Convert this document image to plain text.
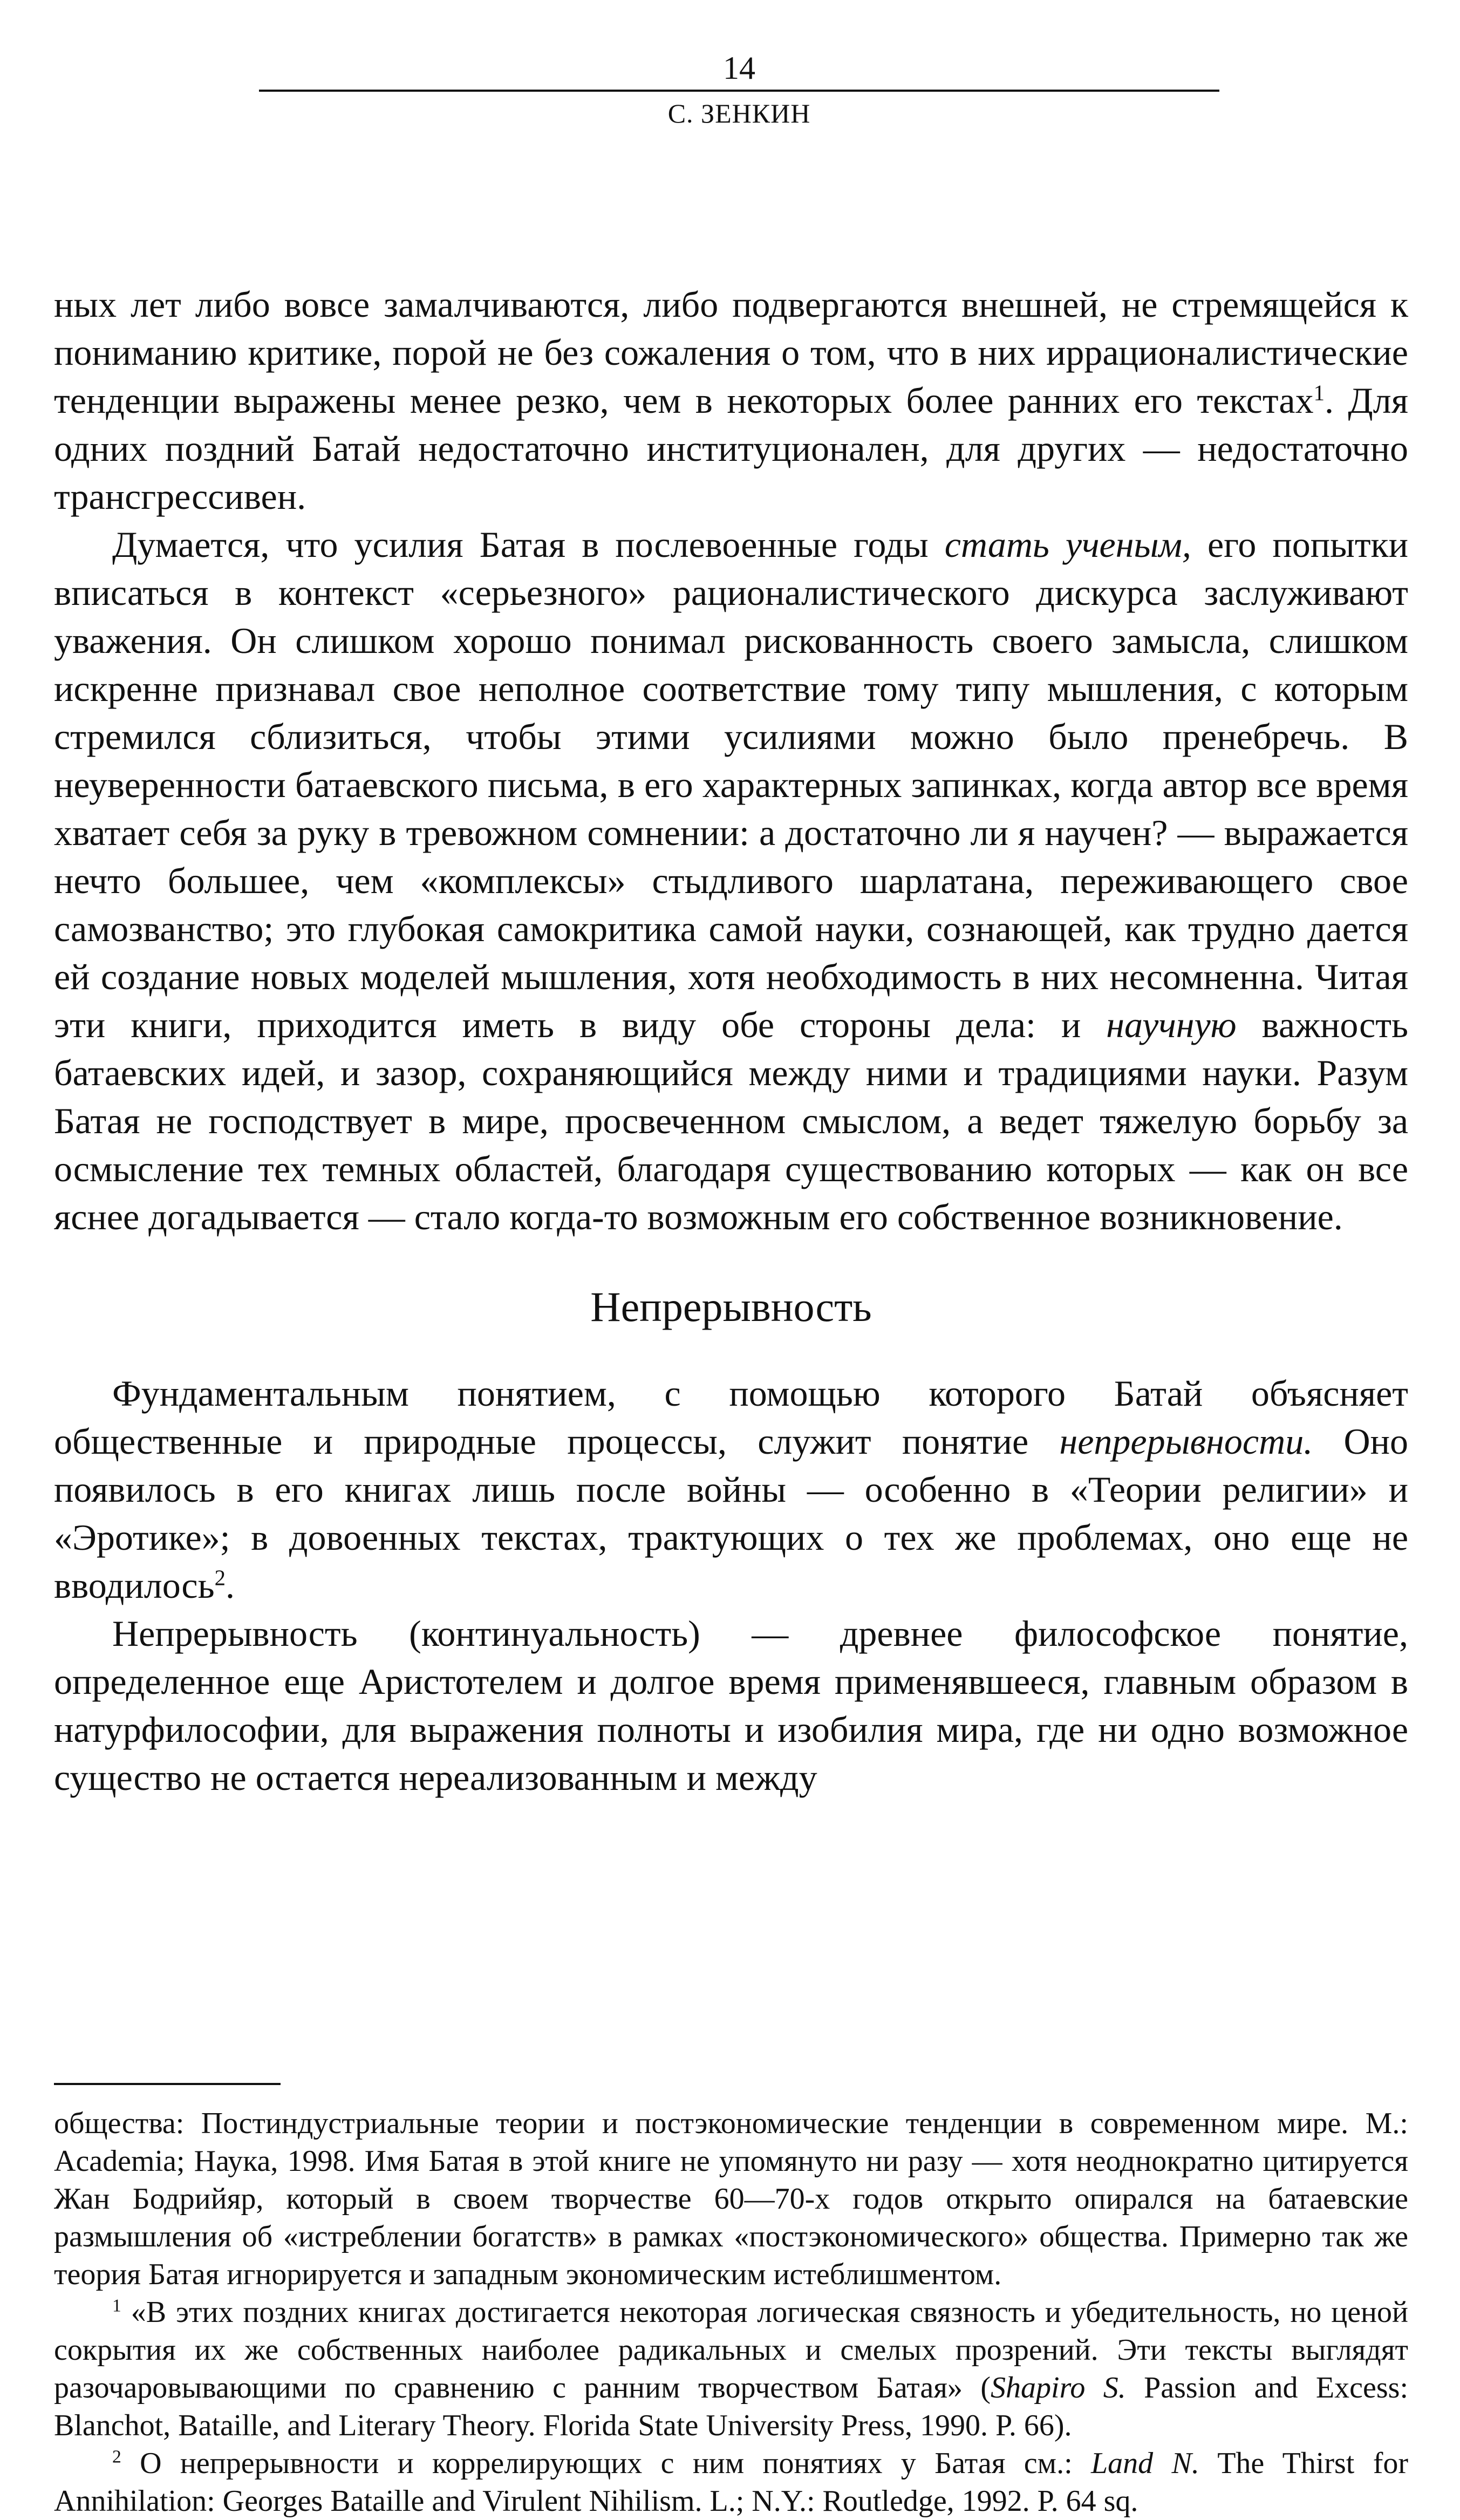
14
С. ЗЕНКИН

ных лет либо вовсе замалчиваются, либо подвергаются внешней, не стремящейся к пониманию критике, порой не без сожаления о том, что в них иррационалистические тенденции выражены менее резко, чем в некоторых более ранних его текстах$^1$. Для одних поздний Батай недостаточно институционален, для других — недостаточно трансгрессивен.

Думается, что усилия Батая в послевоенные годы стать ученым, его попытки вписаться в контекст «серьезного» рационалистического дискурса заслуживают уважения. Он слишком хорошо понимал рискованность своего замысла, слишком искренне признавал свое неполное соответствие тому типу мышления, с которым стремился сблизиться, чтобы этими усилиями можно было пренебречь. В неуверенности батаевского письма, в его характерных запинках, когда автор все время хватает себя за руку в тревожном сомнении: а достаточно ли я научен? — выражается нечто большее, чем «комплексы» стыдливого шарлатана, переживающего свое самозванство; это глубокая самокритика самой науки, сознающей, как трудно дается ей создание новых моделей мышления, хотя необходимость в них несомненна. Читая эти книги, приходится иметь в виду обе стороны дела: и научную важность батаевских идей, и зазор, сохраняющийся между ними и традициями науки. Разум Батая не господствует в мире, просвеченном смыслом, а ведет тяжелую борьбу за осмысление тех темных областей, благодаря существованию которых — как он все яснее догадывается — стало когда-то возможным его собственное возникновение.

Непрерывность

Фундаментальным понятием, с помощью которого Батай объясняет общественные и природные процессы, служит понятие непрерывности. Оно появилось в его книгах лишь после войны — особенно в «Теории религии» и «Эротике»; в довоенных текстах, трактующих о тех же проблемах, оно еще не вводилось$^2$.

Непрерывность (континуальность) — древнее философское понятие, определенное еще Аристотелем и долгое время применявшееся, главным образом в натурфилософии, для выражения полноты и изобилия мира, где ни одно возможное существо не остается нереализованным и между

общества: Постиндустриальные теории и постэкономические тенденции в современном мире. М.: Academia; Наука, 1998. Имя Батая в этой книге не упомянуто ни разу — хотя неоднократно цитируется Жан Бодрийяр, который в своем творчестве 60—70-х годов открыто опирался на батаевские размышления об «истреблении богатств» в рамках «постэкономического» общества. Примерно так же теория Батая игнорируется и западным экономическим истеблишментом.

$^1$ «В этих поздних книгах достигается некоторая логическая связность и убедительность, но ценой сокрытия их же собственных наиболее радикальных и смелых прозрений. Эти тексты выглядят разочаровывающими по сравнению с ранним творчеством Батая» (Shapiro S. Passion and Excess: Blanchot, Bataille, and Literary Theory. Florida State University Press, 1990. P. 66).

$^2$ О непрерывности и коррелирующих с ним понятиях у Батая см.: Land N. The Thirst for Annihilation: Georges Bataille and Virulent Nihilism. L.; N.Y.: Routledge, 1992. P. 64 sq.
